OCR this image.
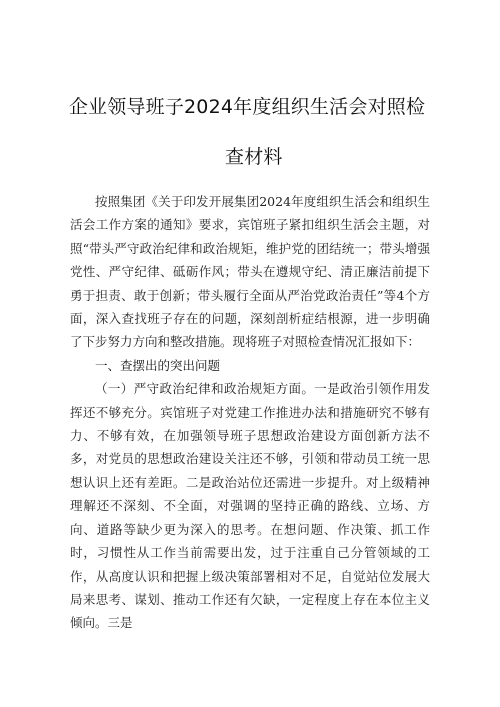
企业领导班子2024年度组织生活会对照检
查材料

按照集团《关于印发开展集团2024年度组织生活会和组织生活会工作方案的通知》要求，宾馆班子紧扣组织生活会主题，对照“带头严守政治纪律和政治规矩，维护党的团结统一；带头增强党性、严守纪律、砥砺作风；带头在遵规守纪、清正廉洁前提下勇于担责、敢于创新；带头履行全面从严治党政治责任”等4个方面，深入查找班子存在的问题，深刻剖析症结根源，进一步明确了下步努力方向和整改措施。现将班子对照检查情况汇报如下：

一、查摆出的突出问题

（一）严守政治纪律和政治规矩方面。一是政治引领作用发挥还不够充分。宾馆班子对党建工作推进办法和措施研究不够有力、不够有效，在加强领导班子思想政治建设方面创新方法不多，对党员的思想政治建设关注还不够，引领和带动员工统一思想认识上还有差距。二是政治站位还需进一步提升。对上级精神理解还不深刻、不全面，对强调的坚持正确的路线、立场、方向、道路等缺少更为深入的思考。在想问题、作决策、抓工作时，习惯性从工作当前需要出发，过于注重自己分管领域的工作，从高度认识和把握上级决策部署相对不足，自觉站位发展大局来思考、谋划、推动工作还有欠缺，一定程度上存在本位主义倾向。三是
